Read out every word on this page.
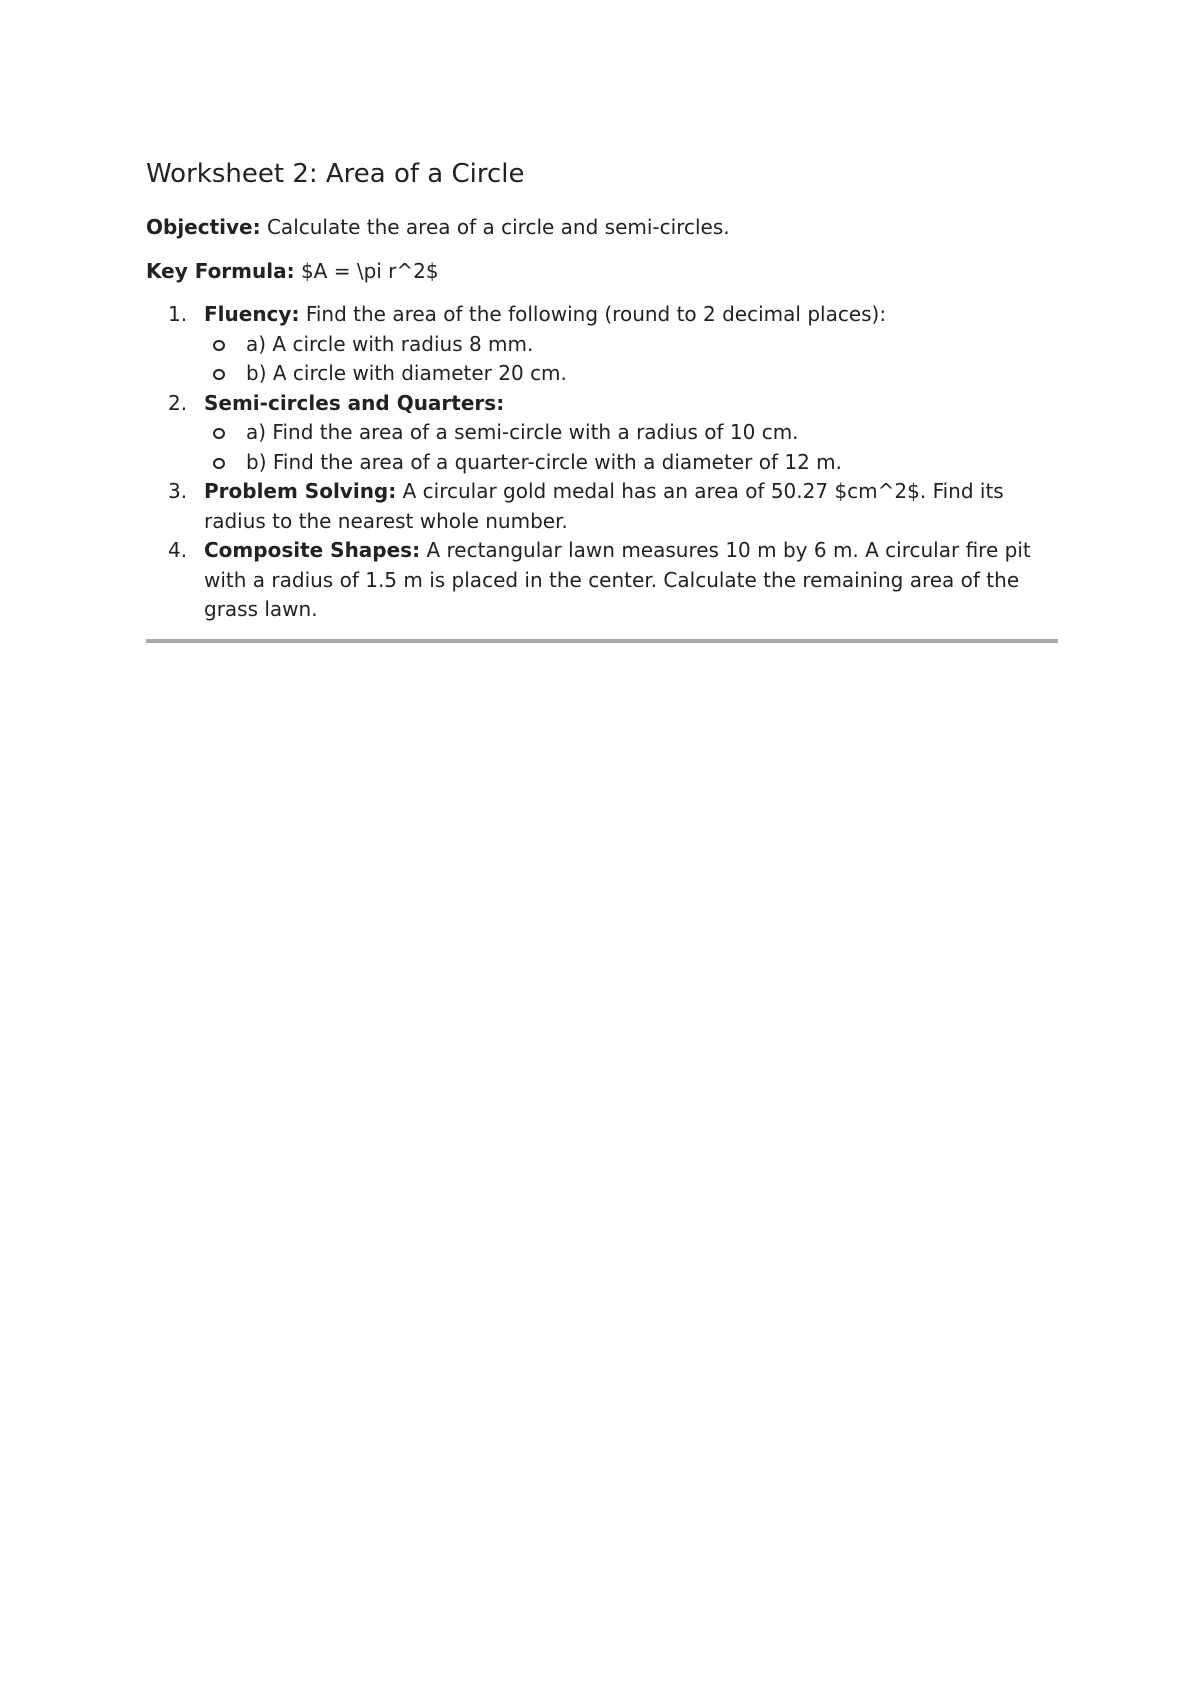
Worksheet 2: Area of a Circle

Objective: Calculate the area of a circle and semi-circles.

Key Formula: $A = \pi r^2$

1. Fluency: Find the area of the following (round to 2 decimal places):
a) A circle with radius 8 mm.
b) A circle with diameter 20 cm.
2. Semi-circles and Quarters:
a) Find the area of a semi-circle with a radius of 10 cm.
b) Find the area of a quarter-circle with a diameter of 12 m.
3. Problem Solving: A circular gold medal has an area of 50.27 $cm^2$. Find its radius to the nearest whole number.
4. Composite Shapes: A rectangular lawn measures 10 m by 6 m. A circular fire pit with a radius of 1.5 m is placed in the center. Calculate the remaining area of the grass lawn.
